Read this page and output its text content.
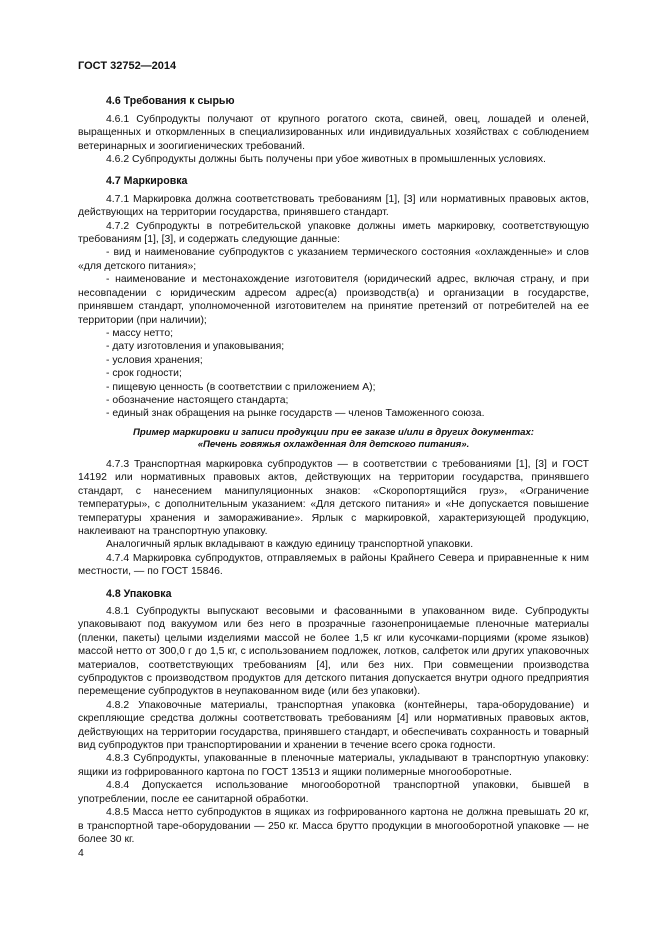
ГОСТ 32752—2014
4.6 Требования к сырью

4.6.1 Субпродукты получают от крупного рогатого скота, свиней, овец, лошадей и оленей, выращенных и откормленных в специализированных или индивидуальных хозяйствах с соблюдением ветеринарных и зоогигиенических требований.

4.6.2 Субпродукты должны быть получены при убое животных в промышленных условиях.

4.7 Маркировка

4.7.1 Маркировка должна соответствовать требованиям [1], [3] или нормативных правовых актов, действующих на территории государства, принявшего стандарт.

4.7.2 Субпродукты в потребительской упаковке должны иметь маркировку, соответствующую требованиям [1], [3], и содержать следующие данные:

- вид и наименование субпродуктов с указанием термического состояния «охлажденные» и слов «для детского питания»;

- наименование и местонахождение изготовителя (юридический адрес, включая страну, и при несовпадении с юридическим адресом адрес(а) производств(а) и организации в государстве, принявшем стандарт, уполномоченной изготовителем на принятие претензий от потребителей на ее территории (при наличии);

- массу нетто;

- дату изготовления и упаковывания;

- условия хранения;

- срок годности;

- пищевую ценность (в соответствии с приложением А);

- обозначение настоящего стандарта;

- единый знак обращения на рынке государств — членов Таможенного союза.

Пример маркировки и записи продукции при ее заказе и/или в других документах:

«Печень говяжья охлажденная для детского питания».

4.7.3 Транспортная маркировка субпродуктов — в соответствии с требованиями [1], [3] и ГОСТ 14192 или нормативных правовых актов, действующих на территории государства, принявшего стандарт, с нанесением манипуляционных знаков: «Скоропортящийся груз», «Ограничение температуры», с дополнительным указанием: «Для детского питания» и «Не допускается повышение температуры хранения и замораживание». Ярлык с маркировкой, характеризующей продукцию, наклеивают на транспортную упаковку.

Аналогичный ярлык вкладывают в каждую единицу транспортной упаковки.

4.7.4 Маркировка субпродуктов, отправляемых в районы Крайнего Севера и приравненные к ним местности, — по ГОСТ 15846.

4.8 Упаковка

4.8.1 Субпродукты выпускают весовыми и фасованными в упакованном виде. Субпродукты упаковывают под вакуумом или без него в прозрачные газонепроницаемые пленочные материалы (пленки, пакеты) целыми изделиями массой не более 1,5 кг или кусочками-порциями (кроме языков) массой нетто от 300,0 г до 1,5 кг, с использованием подложек, лотков, салфеток или других упаковочных материалов, соответствующих требованиям [4], или без них. При совмещении производства субпродуктов с производством продуктов для детского питания допускается внутри одного предприятия перемещение субпродуктов в неупакованном виде (или без упаковки).

4.8.2 Упаковочные материалы, транспортная упаковка (контейнеры, тара-оборудование) и скрепляющие средства должны соответствовать требованиям [4] или нормативных правовых актов, действующих на территории государства, принявшего стандарт, и обеспечивать сохранность и товарный вид субпродуктов при транспортировании и хранении в течение всего срока годности.

4.8.3 Субпродукты, упакованные в пленочные материалы, укладывают в транспортную упаковку: ящики из гофрированного картона по ГОСТ 13513 и ящики полимерные многооборотные.

4.8.4 Допускается использование многооборотной транспортной упаковки, бывшей в употреблении, после ее санитарной обработки.

4.8.5 Масса нетто субпродуктов в ящиках из гофрированного картона не должна превышать 20 кг, в транспортной таре-оборудовании — 250 кг. Масса брутто продукции в многооборотной упаковке — не более 30 кг.

4
